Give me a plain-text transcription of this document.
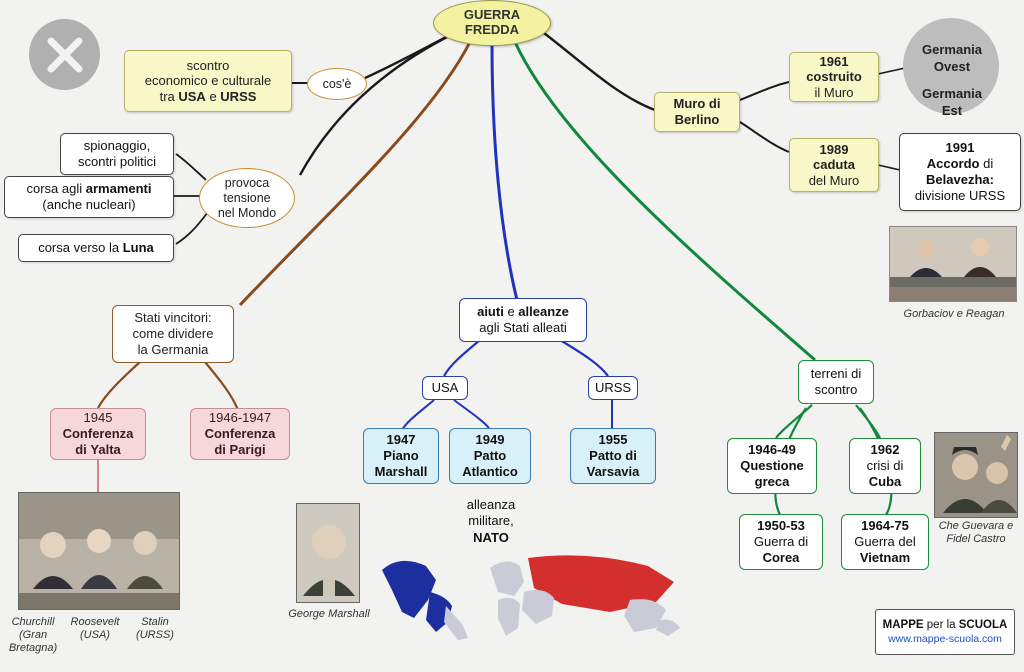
Germania
Ovest
Germania
Est
GUERRA
FREDDA
cos'è
scontro
economico e culturale
tra USA e URSS
provoca
tensione
nel Mondo
spionaggio,
scontri politici
corsa agli armamenti
(anche nucleari)
corsa verso la Luna
Muro di
Berlino
1961
costruito
il Muro
1989
caduta
del Muro
1991
Accordo di
Belavezha:
divisione URSS
Gorbaciov e Reagan
Stati vincitori:
come dividere
la Germania
1945
Conferenza
di Yalta
1946-1947
Conferenza
di Parigi
Churchill (Gran Bretagna)
Roosevelt (USA)
Stalin (URSS)
aiuti e alleanze
agli Stati alleati
USA	URSS
1947
Piano
Marshall
1949
Patto
Atlantico
1955
Patto di
Varsavia
alleanza
militare,
NATO
George Marshall
terreni di
scontro
1946-49
Questione
greca
1962
crisi di
Cuba
1950-53
Guerra di
Corea
1964-75
Guerra del
Vietnam
Che Guevara e Fidel Castro
MAPPE per la SCUOLA
www.mappe-scuola.com
